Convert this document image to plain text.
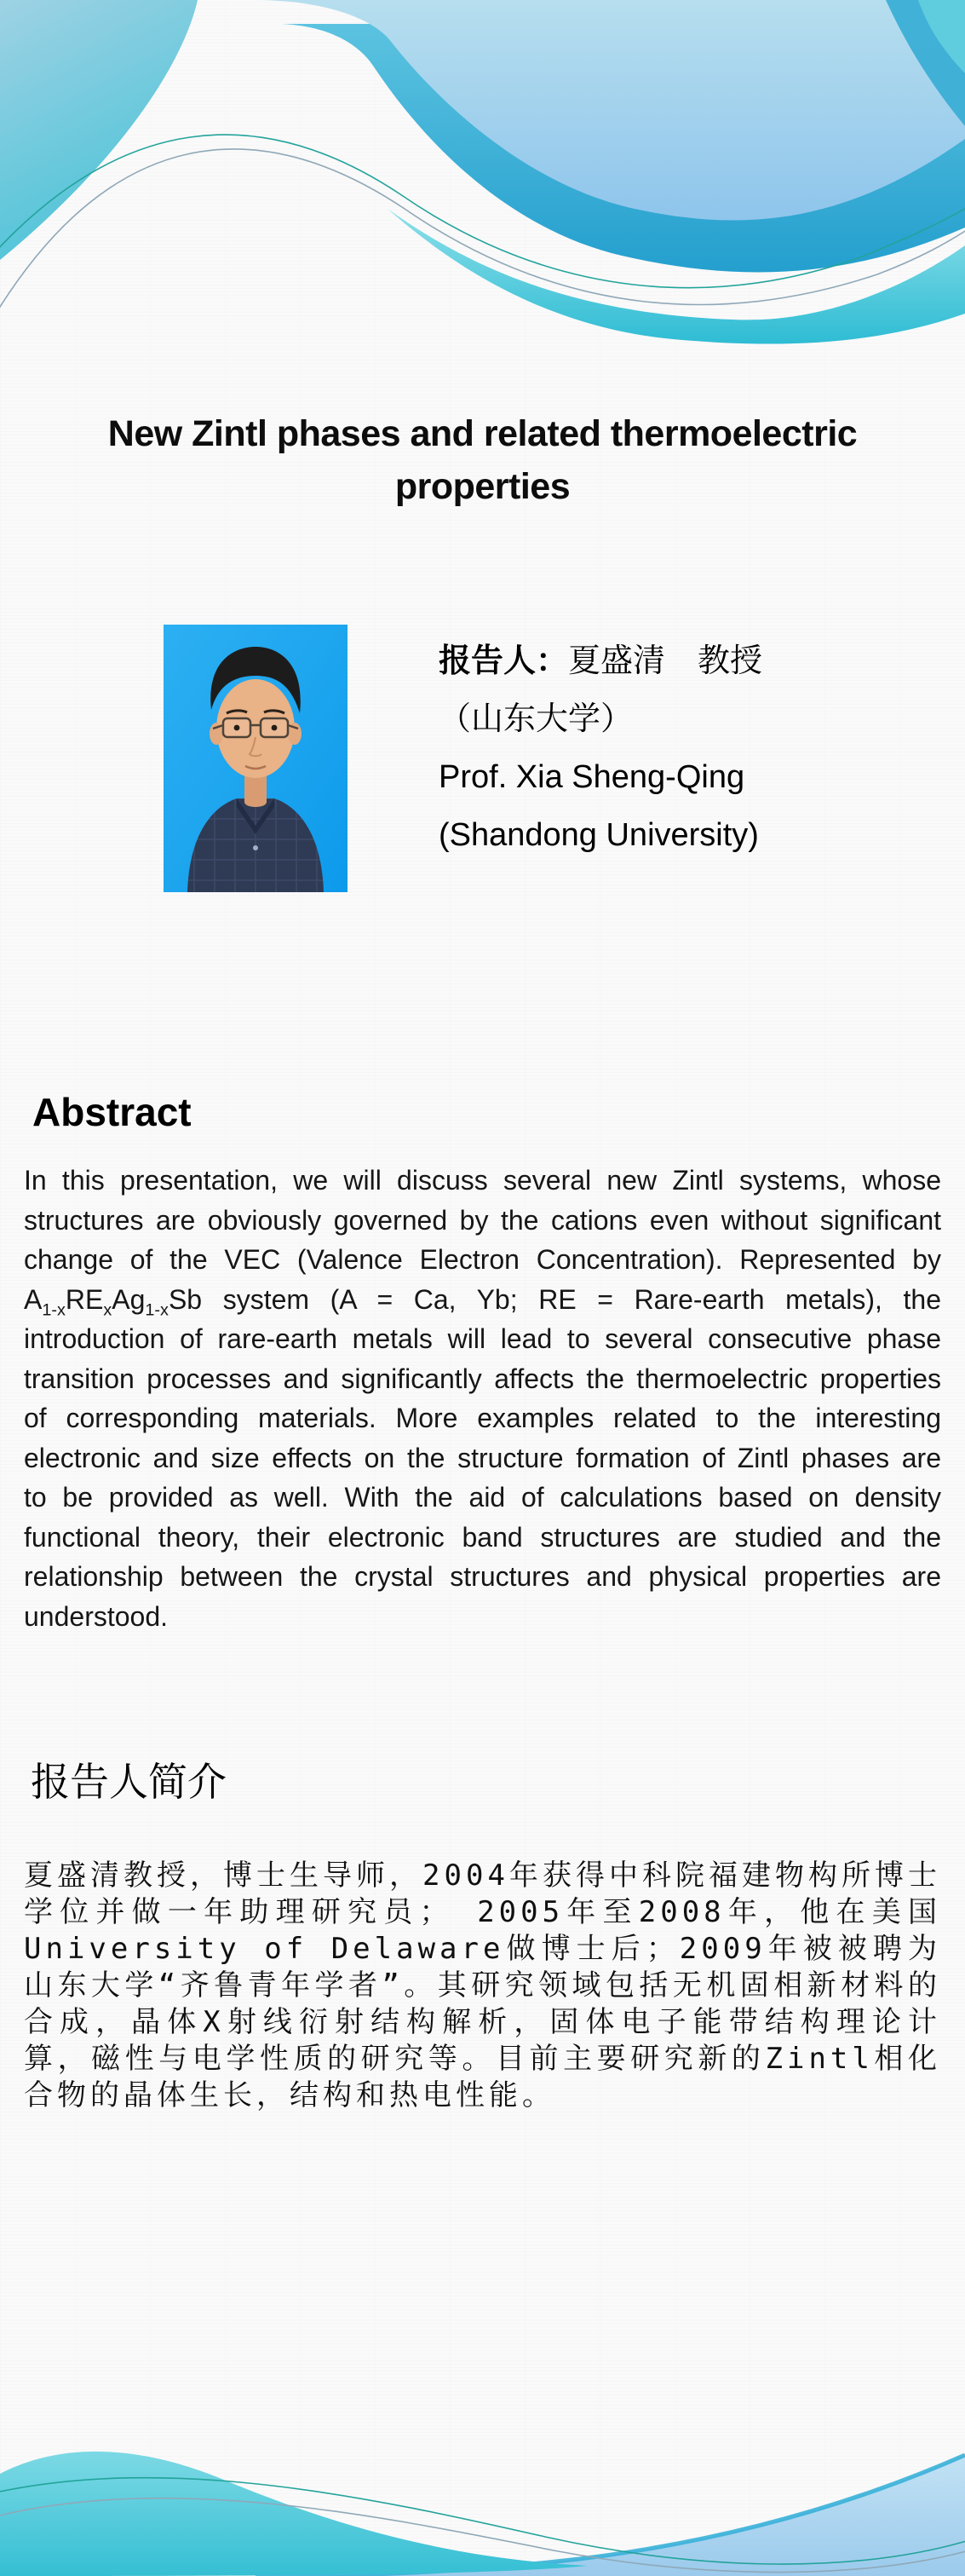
New Zintl phases and related thermoelectric
properties
报告人：夏盛清　教授
（山东大学）
Prof. Xia Sheng-Qing
(Shandong University)
Abstract
In this presentation, we will discuss several new Zintl systems, whose structures are obviously governed by the cations even without significant change of the VEC (Valence Electron Concentration). Represented by $A_{1-x}RE_xAg_{1-x}Sb$ system (A = Ca, Yb; RE = Rare-earth metals), the introduction of rare-earth metals will lead to several consecutive phase transition processes and significantly affects the thermoelectric properties of corresponding materials. More examples related to the interesting electronic and size effects on the structure formation of Zintl phases are to be provided as well. With the aid of calculations based on density functional theory, their electronic band structures are studied and the relationship between the crystal structures and physical properties are understood.
报告人简介
夏盛清教授，博士生导师，2004年获得中科院福建物构所博士学位并做一年助理研究员； 2005年至2008年，他在美国University of Delaware做博士后；2009年被被聘为山东大学“齐鲁青年学者”。其研究领域包括无机固相新材料的合成，晶体X射线衍射结构解析，固体电子能带结构理论计算，磁性与电学性质的研究等。目前主要研究新的Zintl相化合物的晶体生长，结构和热电性能。
